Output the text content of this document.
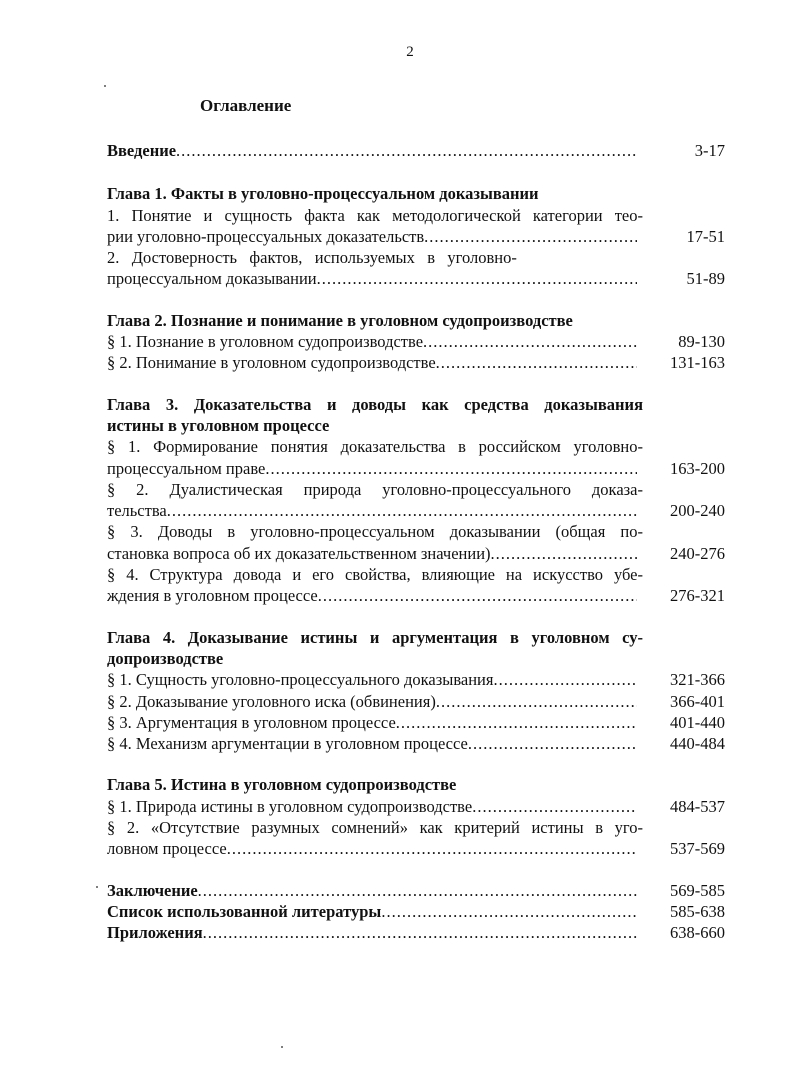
2
Оглавление
Введение .....	3-17
Глава 1. Факты в уголовно-процессуальном доказывании
1. Понятие и сущность факта как методологической категории тео-
рии уголовно-процессуальных доказательств .....	17-51
2.   Достоверность   фактов,   используемых   в   уголовно-
процессуальном доказывании .....	51-89
Глава 2. Познание и понимание в уголовном судопроизводстве
§ 1. Познание в уголовном судопроизводстве .....	89-130
§ 2. Понимание в уголовном судопроизводстве .....	131-163
Глава 3. Доказательства и доводы как средства доказывания
истины в уголовном процессе
§ 1. Формирование понятия доказательства в российском уголовно-
процессуальном праве .....	163-200
§ 2. Дуалистическая природа уголовно-процессуального доказа-
тельства .....	200-240
§ 3. Доводы в уголовно-процессуальном доказывании (общая по-
становка вопроса об их доказательственном значении) .....	240-276
§ 4. Структура довода и его свойства, влияющие на искусство убе-
ждения в уголовном процессе .....	276-321
Глава 4. Доказывание истины и аргументация в уголовном су-
допроизводстве
§ 1. Сущность уголовно-процессуального доказывания .....	321-366
§ 2. Доказывание уголовного иска (обвинения) .....	366-401
§ 3. Аргументация в уголовном процессе .....	401-440
§ 4. Механизм аргументации в уголовном процессе .....	440-484
Глава 5. Истина в уголовном судопроизводстве
§ 1. Природа истины в уголовном судопроизводстве .....	484-537
§ 2. «Отсутствие разумных сомнений» как критерий истины в уго-
ловном процессе .....	537-569
Заключение .....	569-585
Список использованной литературы .....	585-638
Приложения .....	638-660
